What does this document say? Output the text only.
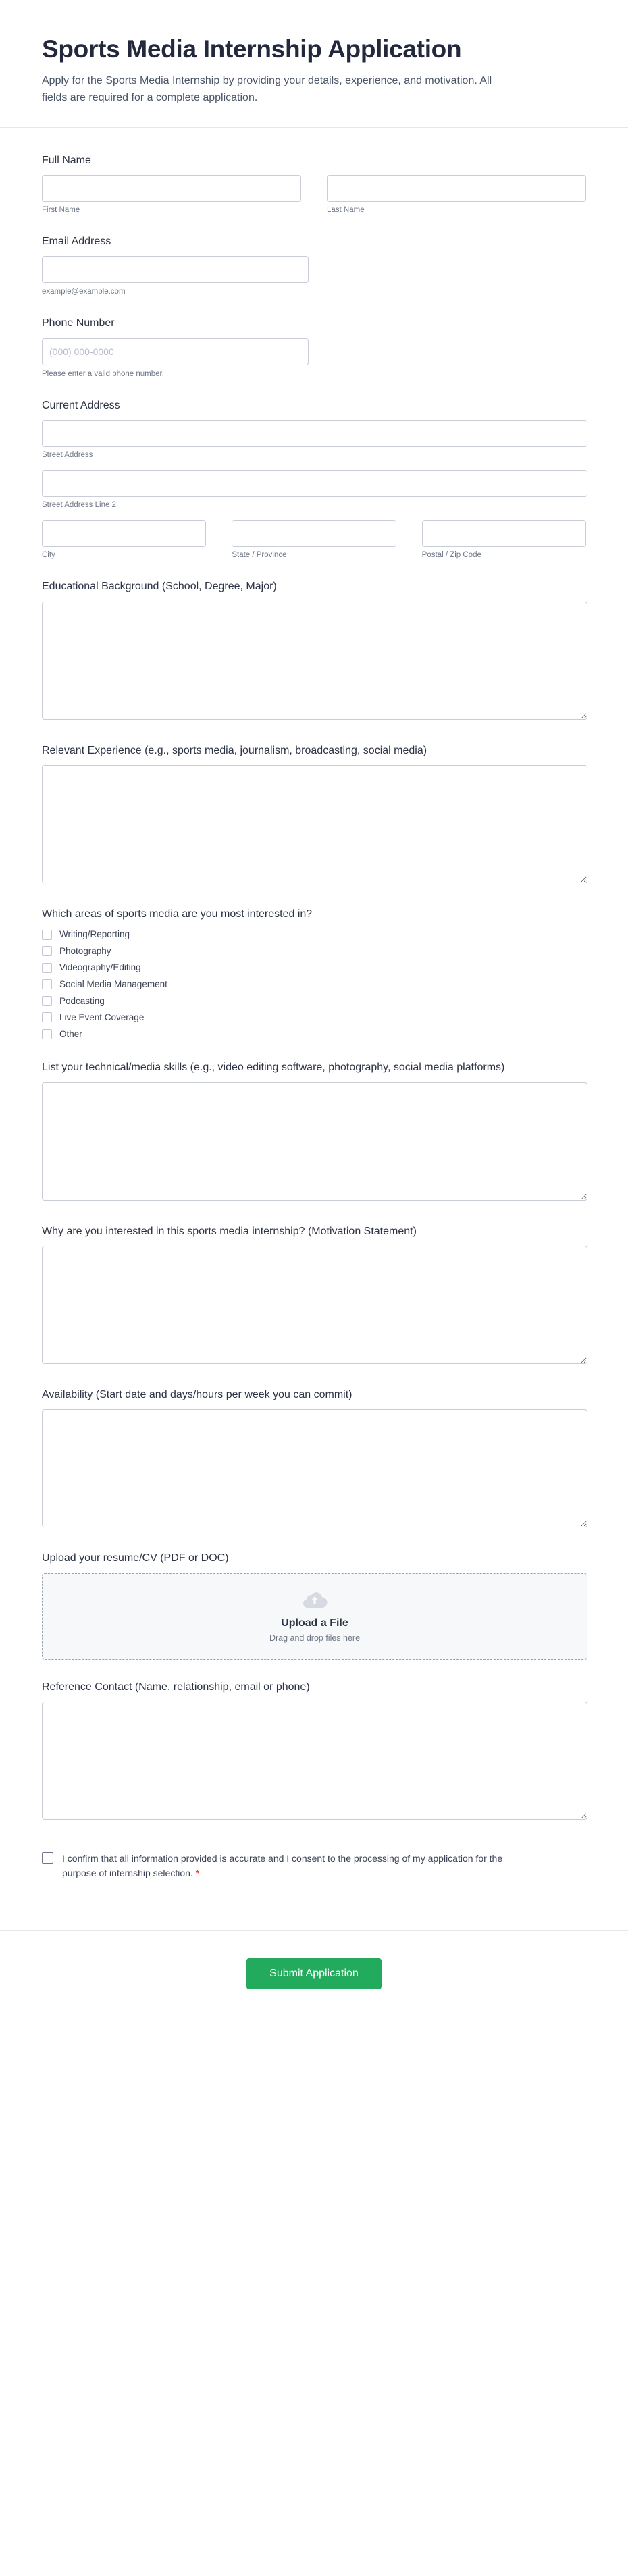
Sports Media Internship Application

Apply for the Sports Media Internship by providing your details, experience, and motivation. All fields are required for a complete application.

Full Name
First Name	Last Name
Email Address
example@example.com
Phone Number
(000) 000-0000
Please enter a valid phone number.
Current Address
Street Address
Street Address Line 2
City	State / Province	Postal / Zip Code
Educational Background (School, Degree, Major)
Relevant Experience (e.g., sports media, journalism, broadcasting, social media)
Which areas of sports media are you most interested in?
Writing/Reporting
Photography
Videography/Editing
Social Media Management
Podcasting
Live Event Coverage
Other
List your technical/media skills (e.g., video editing software, photography, social media platforms)
Why are you interested in this sports media internship? (Motivation Statement)
Availability (Start date and days/hours per week you can commit)
Upload your resume/CV (PDF or DOC)
Upload a File
Drag and drop files here
Reference Contact (Name, relationship, email or phone)
I confirm that all information provided is accurate and I consent to the processing of my application for the purpose of internship selection. *
Submit Application
